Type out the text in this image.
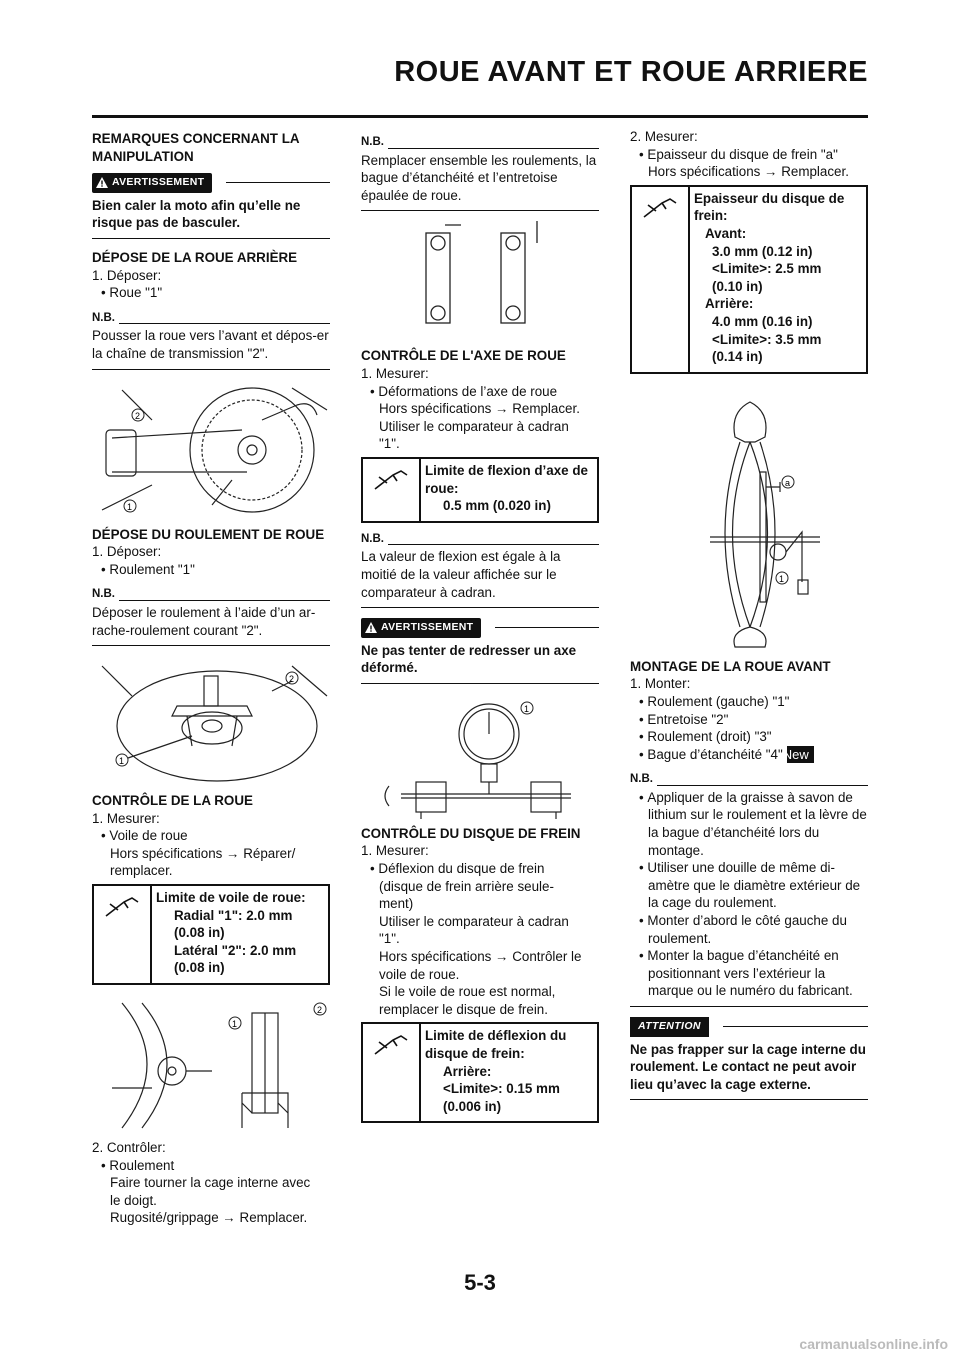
ROUE AVANT ET ROUE ARRIERE

REMARQUES CONCERNANT LA MANIPULATION

AVERTISSEMENT

Bien caler la moto afin qu’elle ne risque pas de basculer.

DÉPOSE DE LA ROUE ARRIÈRE

1. Déposer:

• Roue "1"

N.B.

Pousser la roue vers l’avant et dépos-er la chaîne de transmission "2".

2
1

DÉPOSE DU ROULEMENT DE ROUE

1. Déposer:

• Roulement "1"

N.B.

Déposer le roulement à l’aide d’un ar-rache-roulement courant "2".

2
1

CONTRÔLE DE LA ROUE

1. Mesurer:

• Voile de roue

Hors spécifications → Réparer/

remplacer.

Limite de voile de roue:

Radial "1": 2.0 mm

(0.08 in)

Latéral "2": 2.0 mm

(0.08 in)

2
1

2. Contrôler:

• Roulement

Faire tourner la cage interne avec

le doigt.

Rugosité/grippage → Remplacer.

N.B.

Remplacer ensemble les roulements, la bague d’étanchéité et l’entretoise épaulée de roue.

CONTRÔLE DE L'AXE DE ROUE

1. Mesurer:

• Déformations de l’axe de roue

Hors spécifications → Remplacer.

Utiliser le comparateur à cadran

"1".

Limite de flexion d’axe de

roue:

0.5 mm (0.020 in)

N.B.

La valeur de flexion est égale à la moitié de la valeur affichée sur le comparateur à cadran.

AVERTISSEMENT

Ne pas tenter de redresser un axe déformé.

1

CONTRÔLE DU DISQUE DE FREIN

1. Mesurer:

• Déflexion du disque de frein

(disque de frein arrière seule-

ment)

Utiliser le comparateur à cadran

"1".

Hors spécifications → Contrôler le

voile de roue.

Si le voile de roue est normal,

remplacer le disque de frein.

Limite de déflexion du

disque de frein:

Arrière:

<Limite>: 0.15 mm

(0.006 in)

2. Mesurer:

• Epaisseur du disque de frein "a"

Hors spécifications → Remplacer.

Epaisseur du disque de

frein:

Avant:

3.0 mm (0.12 in)

<Limite>: 2.5 mm

(0.10 in)

Arrière:

4.0 mm (0.16 in)

<Limite>: 3.5 mm

(0.14 in)

a
1

MONTAGE DE LA ROUE AVANT

1. Monter:

• Roulement (gauche) "1"

• Entretoise "2"

• Roulement (droit) "3"

• Bague d’étanchéité "4"New

N.B.

• Appliquer de la graisse à savon de lithium sur le roulement et la lèvre de la bague d’étanchéité lors du montage.

• Utiliser une douille de même di-amètre que le diamètre extérieur de la cage du roulement.

• Monter d’abord le côté gauche du roulement.

• Monter la bague d’étanchéité en positionnant vers l’extérieur la marque ou le numéro du fabricant.

ATTENTION

Ne pas frapper sur la cage interne du roulement. Le contact ne peut avoir lieu qu’avec la cage externe.

5-3
carmanualsonline.info
